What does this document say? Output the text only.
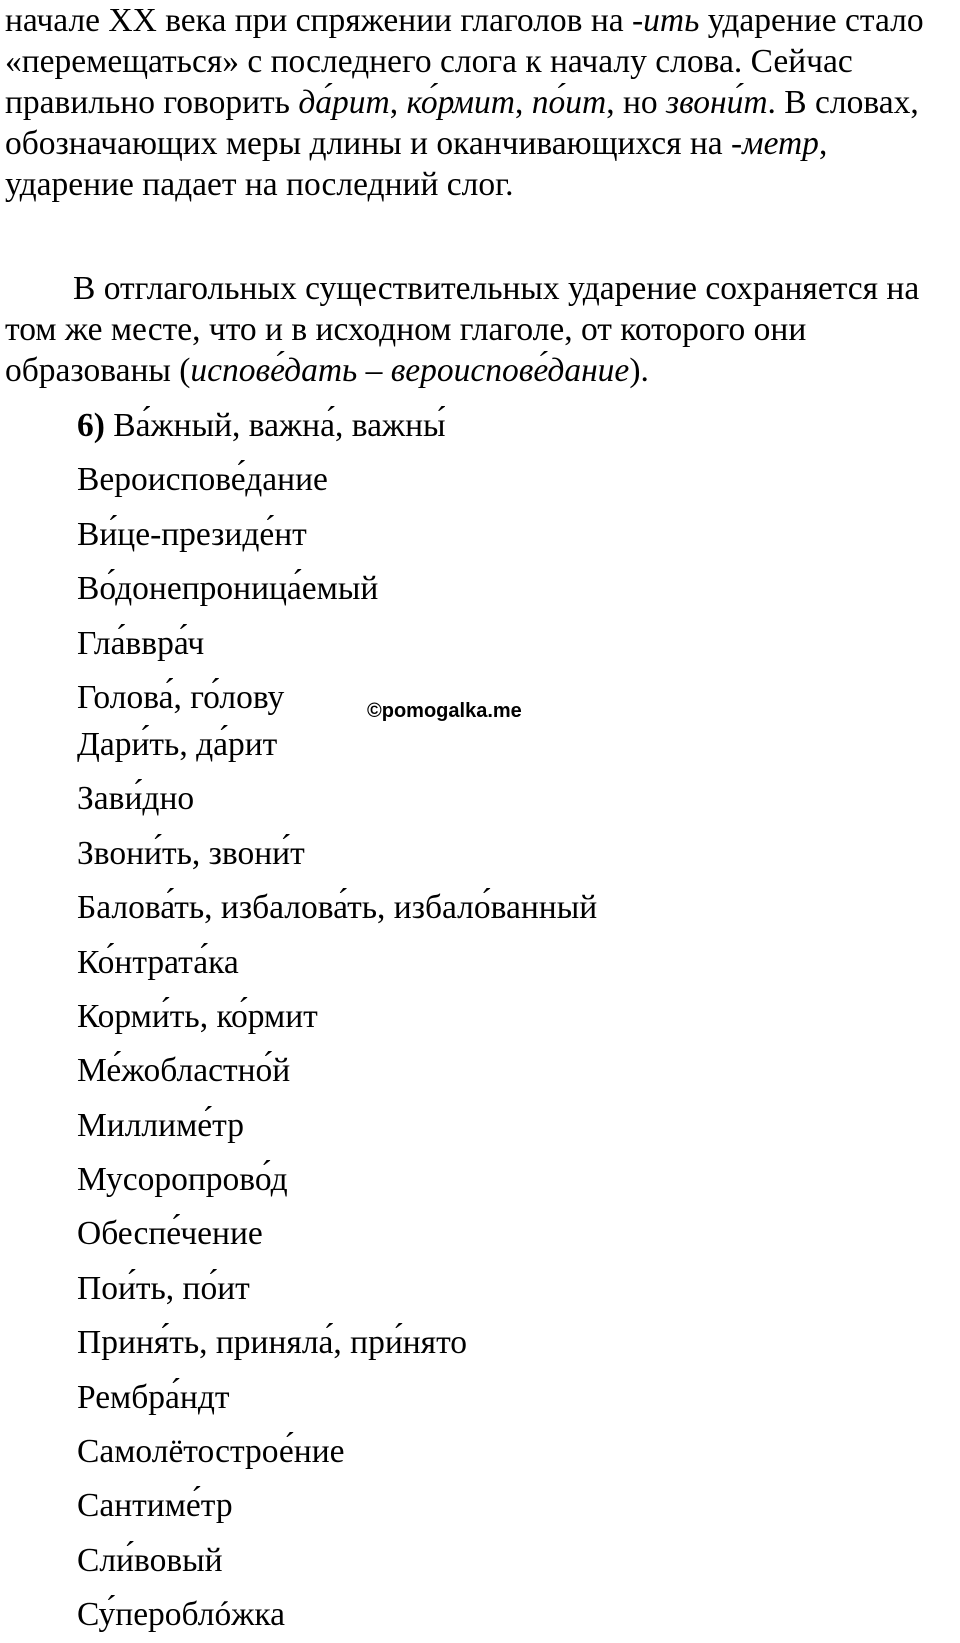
начале XX века при спряжении глаголов на -ить ударение стало «перемещаться» с последнего слога к началу слова. Сейчас правильно говорить да́рит, ко́рмит, по́ит, но звони́т. В словах, обозначающих меры длины и оканчивающихся на -метр, ударение падает на последний слог.

В отглагольных существительных ударение сохраняется на том же месте, что и в исходном глаголе, от которого они образованы (испове́дать – вероиспове́дание).

6) Ва́жный, важна́, важны́
Вероиспове́дание
Ви́це-президе́нт
Во́донепроница́емый
Гла́ввра́ч
Голова́, го́лову
Дари́ть, да́рит
Зави́дно
Звони́ть, звони́т
Балова́ть, избалова́ть, избало́ванный
Ко́нтрата́ка
Корми́ть, ко́рмит
Ме́жобластно́й
Миллиме́тр
Мусоропрово́д
Обеспе́чение
Пои́ть, по́ит
Приня́ть, приняла́, при́нято
Рембра́ндт
Самолётострое́ние
Сантиме́тр
Сли́вовый
Су́пероблóжка
©pomogalka.me
